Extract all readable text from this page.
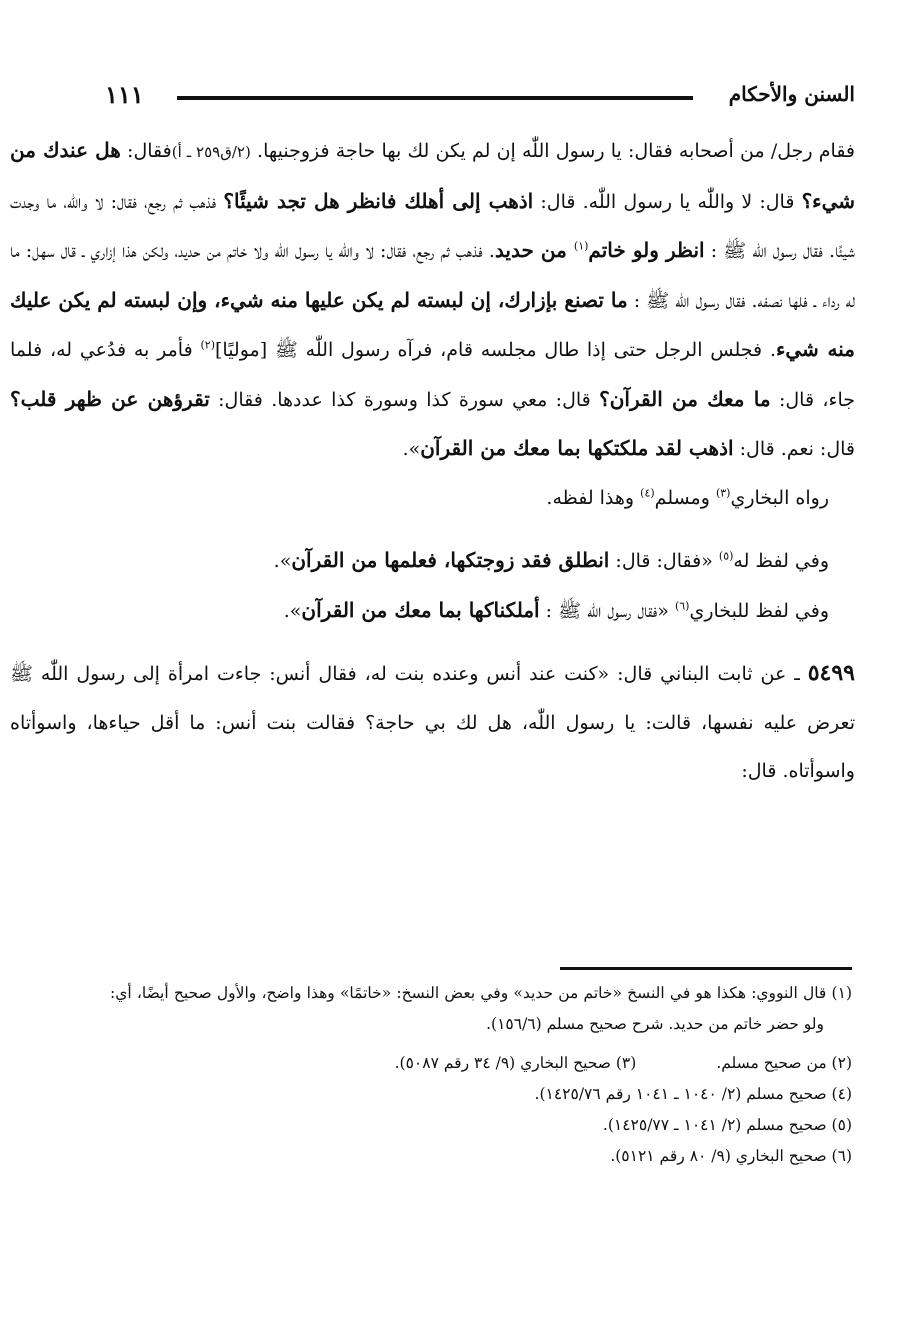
السنن والأحكام
١١١

فقام رجل/ من أصحابه فقال: يا رسول اللّٰه إن لم يكن لك بها حاجة فزوجنيها. (٢/ق٢٥٩ ـ أ)فقال: هل عندك من شيء؟ قال: لا واللّٰه يا رسول اللّٰه. قال: اذهب إلى أهلك فانظر هل تجد شيئًا؟ فذهب ثم رجع، فقال: لا واللّٰه، ما وجدت شيئًا. فقال رسول اللّٰه ﷺ : انظر ولو خاتم$^{(١)}$ من حديد. فذهب ثم رجع، فقال: لا واللّٰه يا رسول اللّٰه ولا خاتم من حديد، ولكن هذا إزاري ـ قال سهل: ما له رداء ـ فلها نصفه. فقال رسول اللّٰه ﷺ : ما تصنع بإزارك، إن لبسته لم يكن عليها منه شيء، وإن لبسته لم يكن عليك منه شيء. فجلس الرجل حتى إذا طال مجلسه قام، فرآه رسول اللّٰه ﷺ [موليًا]$^{(٢)}$ فأمر به فدُعي له، فلما جاء، قال: ما معك من القرآن؟ قال: معي سورة كذا وسورة كذا عددها. فقال: تقرؤهن عن ظهر قلب؟ قال: نعم. قال: اذهب لقد ملكتكها بما معك من القرآن».

رواه البخاري$^{(٣)}$ ومسلم$^{(٤)}$ وهذا لفظه.

وفي لفظ له$^{(٥)}$ «فقال: قال: انطلق فقد زوجتكها، فعلمها من القرآن».

وفي لفظ للبخاري$^{(٦)}$ «فقال رسول اللّٰه ﷺ : أملكناكها بما معك من القرآن».

٥٤٩٩ ـ عن ثابت البناني قال: «كنت عند أنس وعنده بنت له، فقال أنس: جاءت امرأة إلى رسول اللّٰه ﷺ تعرض عليه نفسها، قالت: يا رسول اللّٰه، هل لك بي حاجة؟ فقالت بنت أنس: ما أقل حياءها، واسوأتاه واسوأتاه. قال:

(١) قال النووي: هكذا هو في النسخ «خاتم من حديد» وفي بعض النسخ: «خاتمًا» وهذا واضح، والأول صحيح أيضًا، أي: ولو حضر خاتم من حديد. شرح صحيح مسلم (١٥٦/٦).

(٢) من صحيح مسلم.(٣) صحيح البخاري (٩/ ٣٤ رقم ٥٠٨٧).

(٤) صحيح مسلم (٢/ ١٠٤٠ ـ ١٠٤١ رقم ١٤٢٥/٧٦).

(٥) صحيح مسلم (٢/ ١٠٤١ ـ ١٤٢٥/٧٧).

(٦) صحيح البخاري (٩/ ٨٠ رقم ٥١٢١).
